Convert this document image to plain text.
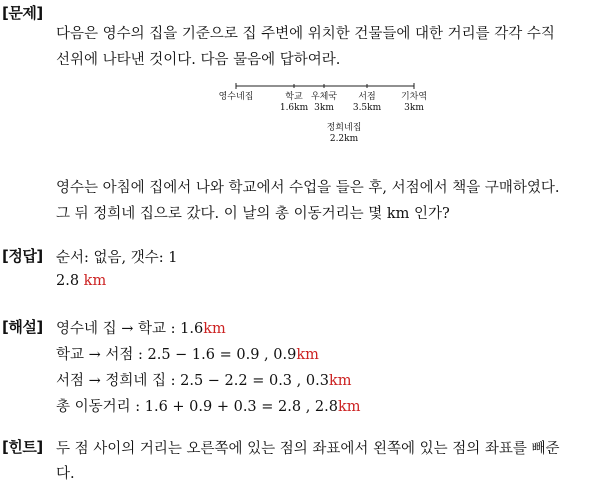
[문제]
다음은 영수의 집을 기준으로 집 주변에 위치한 건물들에 대한 거리를 각각 수직
선위에 나타낸 것이다. 다음 물음에 답하여라.
영수네집	학교
1.6km
우체국
3km
서점
3.5km
기차역
3km
정희네집
2.2km
영수는 아침에 집에서 나와 학교에서 수업을 들은 후, 서점에서 책을 구매하였다.
그 뒤 정희네 집으로 갔다. 이 날의 총 이동거리는 몇 km 인가?
[정답] 순서: 없음, 갯수: 1
2.8 km
[해설] 영수네 집 → 학교 : 1.6km
학교 → 서점 : 2.5 − 1.6 = 0.9 , 0.9km
서점 → 정희네 집 : 2.5 − 2.2 = 0.3 , 0.3km
총 이동거리 : 1.6 + 0.9 + 0.3 = 2.8 , 2.8km
[힌트] 두 점 사이의 거리는 오른쪽에 있는 점의 좌표에서 왼쪽에 있는 점의 좌표를 빼준
다.
